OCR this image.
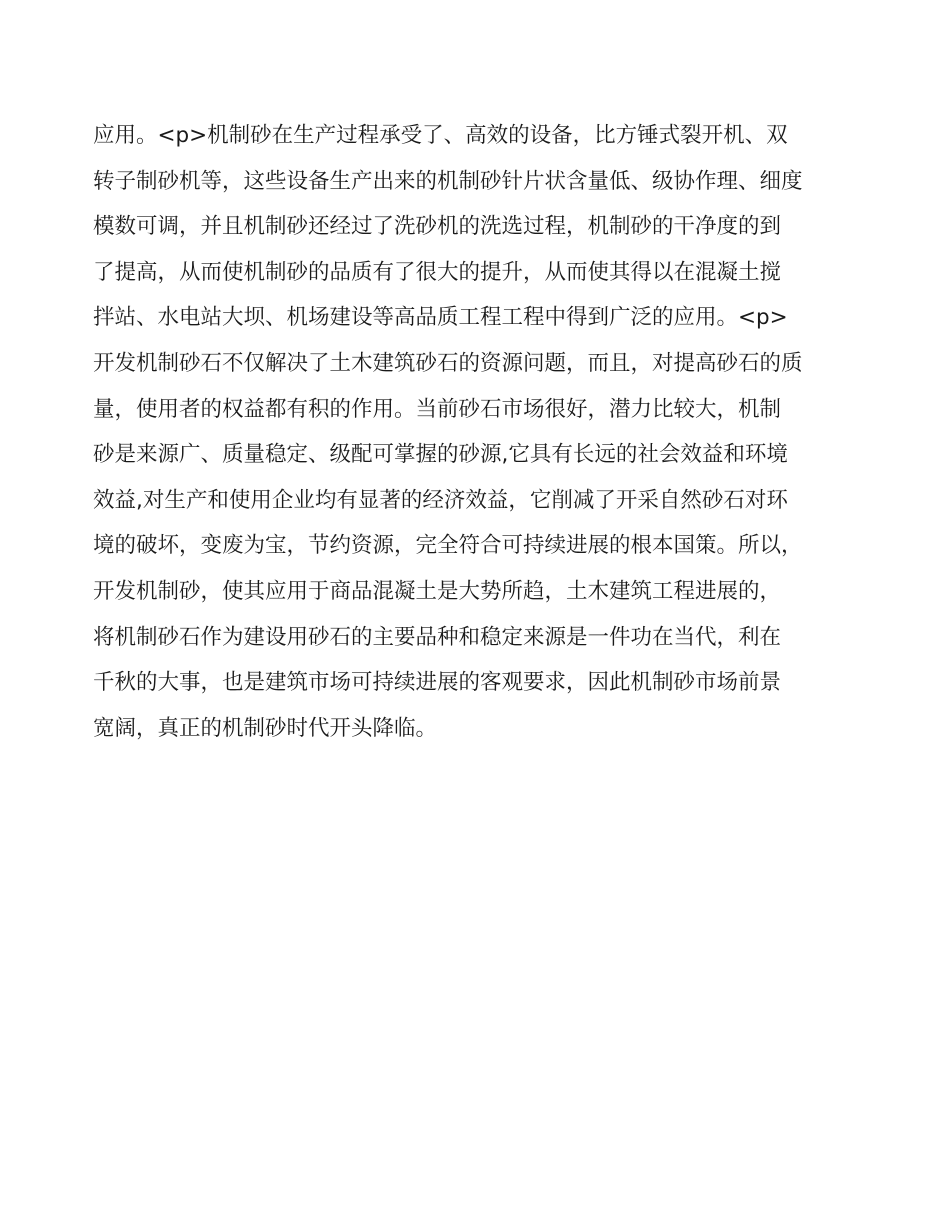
应用。<p>机制砂在生产过程承受了、高效的设备，比方锤式裂开机、双
转子制砂机等，这些设备生产出来的机制砂针片状含量低、级协作理、细度
模数可调，并且机制砂还经过了洗砂机的洗选过程，机制砂的干净度的到
了提高，从而使机制砂的品质有了很大的提升，从而使其得以在混凝土搅
拌站、水电站大坝、机场建设等高品质工程工程中得到广泛的应用。<p>
开发机制砂石不仅解决了土木建筑砂石的资源问题，而且，对提高砂石的质
量，使用者的权益都有积的作用。当前砂石市场很好，潜力比较大，机制
砂是来源广、质量稳定、级配可掌握的砂源,它具有长远的社会效益和环境
效益,对生产和使用企业均有显著的经济效益，它削减了开采自然砂石对环
境的破坏，变废为宝，节约资源，完全符合可持续进展的根本国策。所以，
开发机制砂，使其应用于商品混凝土是大势所趋，土木建筑工程进展的，
将机制砂石作为建设用砂石的主要品种和稳定来源是一件功在当代，利在
千秋的大事，也是建筑市场可持续进展的客观要求，因此机制砂市场前景
宽阔，真正的机制砂时代开头降临。
